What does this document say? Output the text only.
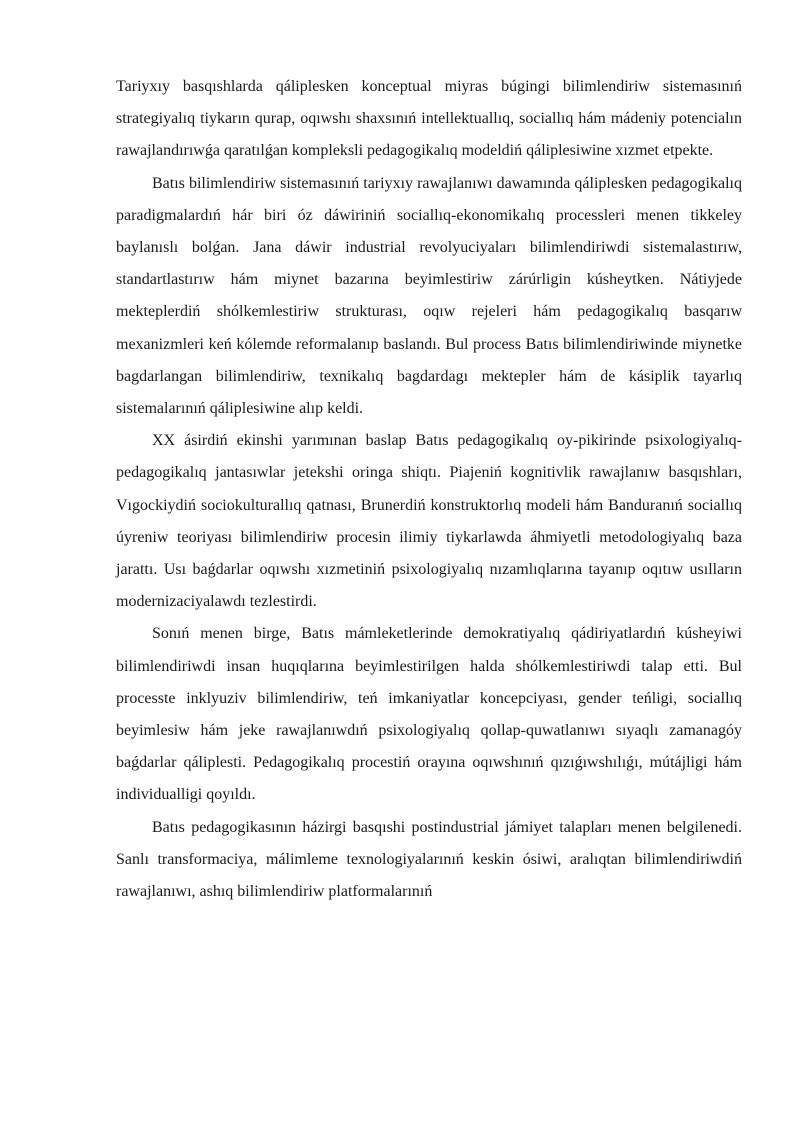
Tariyxıy basqıshlarda qáliplesken konceptual miyras búgingi bilimlendiriw sistemasınıń strategiyalıq tiykarın qurap, oqıwshı shaxsınıń intellektuallıq, sociallıq hám mádeniy potencialın rawajlandırıwǵa qaratılǵan kompleksli pedagogikalıq modeldiń qáliplesiwine xızmet etpekte.

Batıs bilimlendiriw sistemasınıń tariyxıy rawajlanıwı dawamında qáliplesken pedagogikalıq paradigmalardıń hár biri óz dáwiriniń sociallıq-ekonomikalıq processleri menen tikkeley baylanıslı bolǵan. Jana dáwir industrial revolyuciyaları bilimlendiriwdi sistemalastırıw, standartlastırıw hám miynet bazarına beyimlestiriw zárúrligin kúsheytken. Nátiyjede mekteplerdiń shólkemlestiriw strukturası, oqıw rejeleri hám pedagogikalıq basqarıw mexanizmleri keń kólemde reformalanıp baslandı. Bul process Batıs bilimlendiriwinde miynetke bagdarlangan bilimlendiriw, texnikalıq bagdardagı mektepler hám de kásiplik tayarlıq sistemalarınıń qáliplesiwine alıp keldi.

XX ásirdiń ekinshi yarımınan baslap Batıs pedagogikalıq oy-pikirinde psixologiyalıq-pedagogikalıq jantasıwlar jetekshi oringa shiqtı. Piajeniń kognitivlik rawajlanıw basqıshları, Vıgockiydiń sociokulturallıq qatnası, Brunerdiń konstruktorlıq modeli hám Banduranıń sociallıq úyreniw teoriyası bilimlendiriw procesin ilimiy tiykarlawda áhmiyetli metodologiyalıq baza jarattı. Usı baǵdarlar oqıwshı xızmetiniń psixologiyalıq nızamlıqlarına tayanıp oqıtıw usılların modernizaciyalawdı tezlestirdi.

Sonıń menen birge, Batıs mámleketlerinde demokratiyalıq qádiriyatlardıń kúsheyiwi bilimlendiriwdi insan huqıqlarına beyimlestirilgen halda shólkemlestiriwdi talap etti. Bul processte inklyuziv bilimlendiriw, teń imkaniyatlar koncepciyası, gender teńligi, sociallıq beyimlesiw hám jeke rawajlanıwdıń psixologiyalıq qollap-quwatlanıwı sıyaqlı zamanagóy baǵdarlar qáliplesti. Pedagogikalıq procestiń orayına oqıwshınıń qızıǵıwshılıǵı, mútájligi hám individualligi qoyıldı.

Batıs pedagogikasının házirgi basqıshi postindustrial jámiyet talapları menen belgilenedi. Sanlı transformaciya, málimleme texnologiyalarınıń keskin ósiwi, aralıqtan bilimlendiriwdiń rawajlanıwı, ashıq bilimlendiriw platformalarınıń
